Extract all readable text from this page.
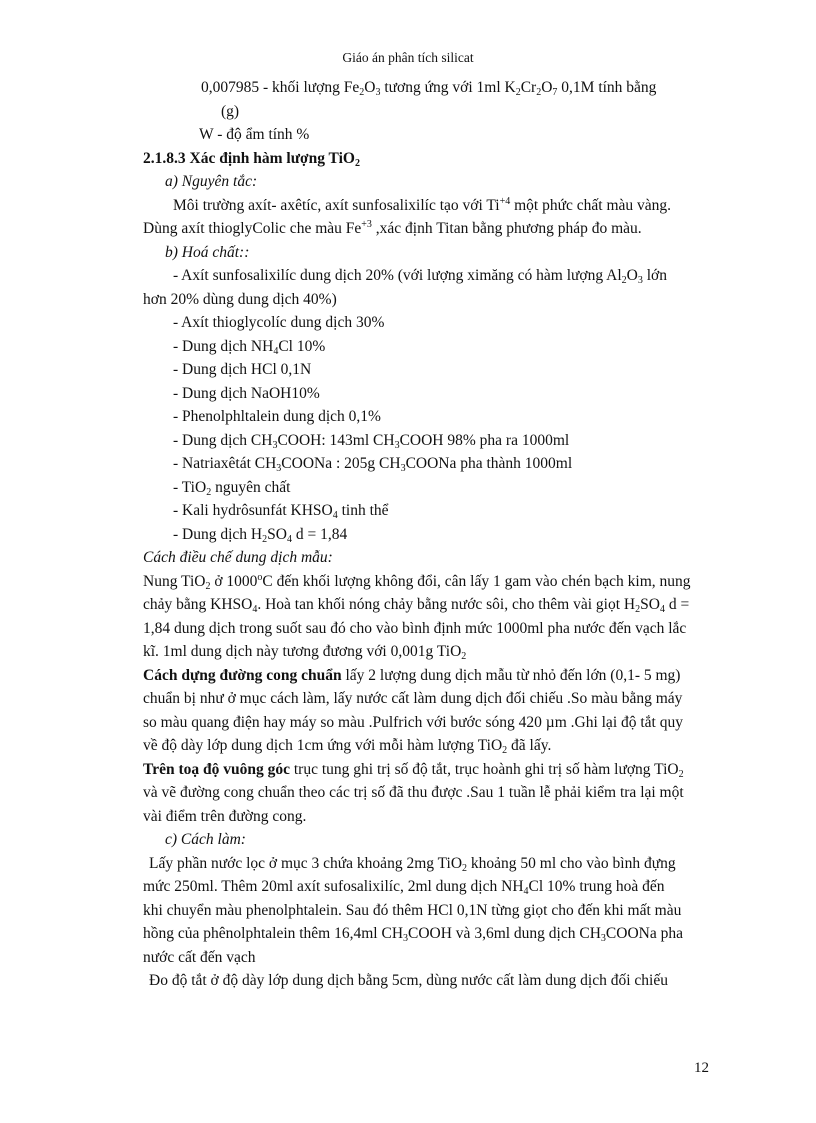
Giáo án phân tích silicat
0,007985 ‑ khối lượng $Fe_2O_3$ tương ứng với 1ml $K_2Cr_2O_7$ 0,1M tính bằng
(g)
W ‑ độ ẩm tính %
2.1.8.3 Xác định hàm lượng TiO$_2$
a) Nguyên tắc:
Môi trường axít‑ axêtíc, axít sunfosalixilíc tạo với $Ti^{+4}$ một phức chất màu vàng.
Dùng axít thioglyColic che màu $Fe^{+3}$ ,xác định Titan bằng phương pháp đo màu.
b) Hoá chất::
‑ Axít sunfosalixilíc dung dịch 20% (với lượng ximăng có hàm lượng $Al_2O_3$ lớn
hơn 20% dùng dung dịch 40%)
‑ Axít thioglycolíc dung dịch 30%
‑ Dung dịch $NH_4Cl$ 10%
‑ Dung dịch HCl 0,1N
‑ Dung dịch NaOH10%
‑ Phenolphltalein dung dịch 0,1%
‑ Dung dịch $CH_3COOH$: 143ml $CH_3COOH$ 98% pha ra 1000ml
‑ Natriaxêtát $CH_3COONa$ : 205g $CH_3COONa$ pha thành 1000ml
‑ TiO$_2$ nguyên chất
‑ Kali hydrôsunfát $KHSO_4$ tinh thể
‑ Dung dịch $H_2SO_4$ d = 1,84
Cách điều chế dung dịch mẫu:
Nung TiO$_2$ ở 1000$^o$C đến khối lượng không đổi, cân lấy 1 gam vào chén bạch kim, nung
chảy bằng $KHSO_4$. Hoà tan khối nóng chảy bằng nước sôi, cho thêm vài giọt $H_2SO_4$ d =
1,84 dung dịch trong suốt sau đó cho vào bình định mức 1000ml pha nước đến vạch lắc
kĩ. 1ml dung dịch này tương đương với 0,001g TiO$_2$
Cách dựng đường cong chuẩn lấy 2 lượng dung dịch mẫu từ nhỏ đến lớn (0,1‑ 5 mg)
chuẩn bị như ở mục cách làm, lấy nước cất làm dung dịch đối chiếu .So màu bằng máy
so màu quang điện hay máy so màu .Pulfrich với bước sóng 420 µm .Ghi lại độ tắt quy
về độ dày lớp dung dịch 1cm ứng với mỗi hàm lượng TiO$_2$ đã lấy.
Trên toạ độ vuông góc trục tung ghi trị số độ tắt, trục hoành ghi trị số hàm lượng TiO$_2$
và vẽ đường cong chuẩn theo các trị số đã thu được .Sau 1 tuần lễ phải kiểm tra lại một
vài điểm trên đường cong.
c) Cách làm:
Lấy phần nước lọc ở mục 3 chứa khoảng 2mg TiO$_2$ khoảng 50 ml cho vào bình đựng
mức 250ml. Thêm 20ml axít sufosalixilíc, 2ml dung dịch $NH_4Cl$ 10% trung hoà đến
khi chuyển màu phenolphtalein. Sau đó thêm HCl 0,1N từng giọt cho đến khi mất màu
hồng của phênolphtalein thêm 16,4ml $CH_3COOH$ và 3,6ml dung dịch $CH_3COONa$ pha
nước cất đến vạch
Đo độ tắt ở độ dày lớp dung dịch bằng 5cm, dùng nước cất làm dung dịch đối chiếu
12
